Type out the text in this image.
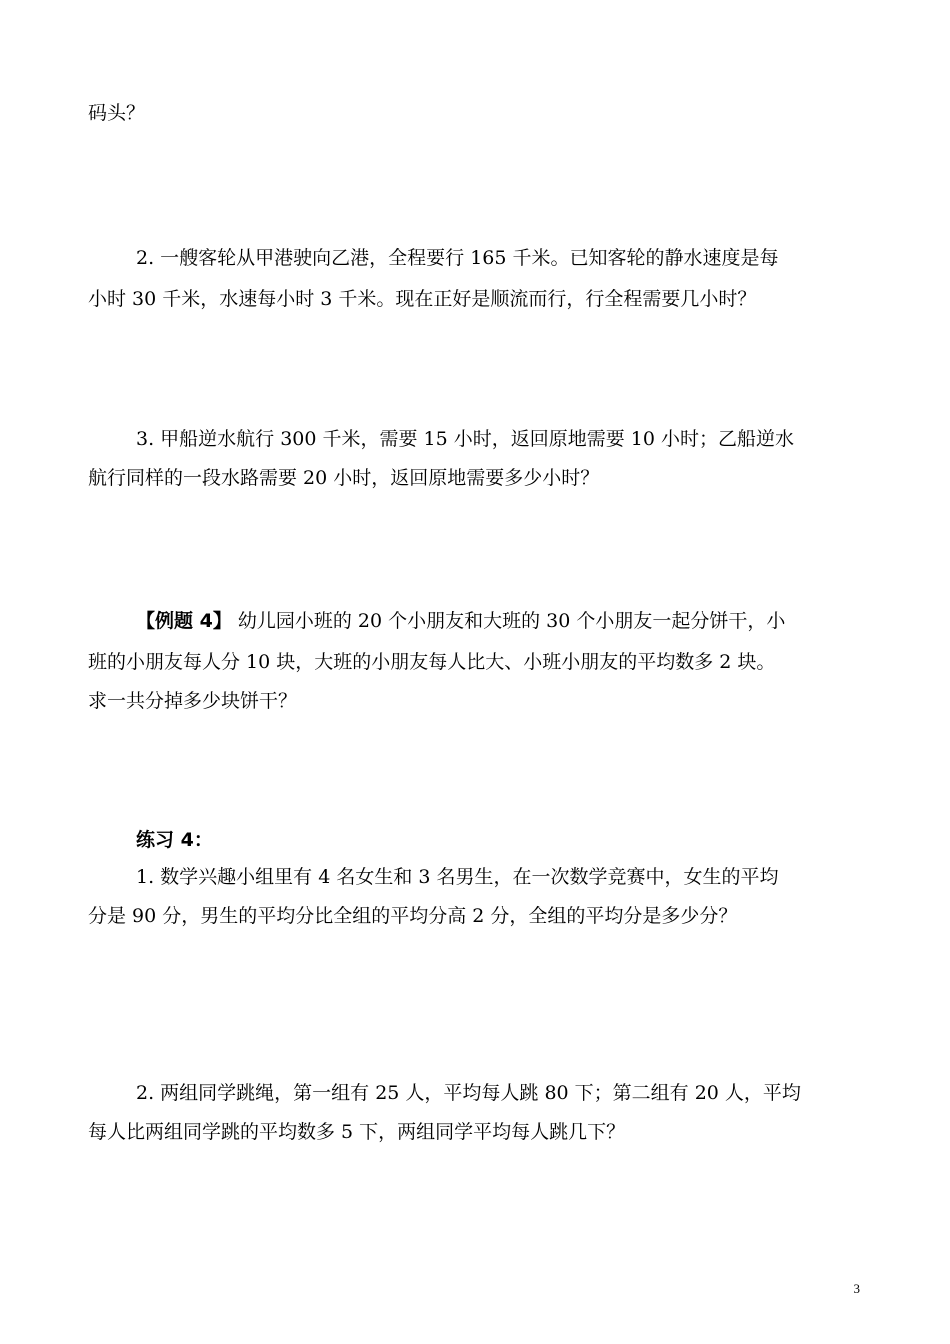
码头？
2. 一艘客轮从甲港驶向乙港，全程要行 165 千米。已知客轮的静水速度是每
小时 30 千米，水速每小时 3 千米。现在正好是顺流而行，行全程需要几小时？
3. 甲船逆水航行 300 千米，需要 15 小时，返回原地需要 10 小时；乙船逆水
航行同样的一段水路需要 20 小时，返回原地需要多少小时？
【例题 4】 幼儿园小班的 20 个小朋友和大班的 30 个小朋友一起分饼干，小
班的小朋友每人分 10 块，大班的小朋友每人比大、小班小朋友的平均数多 2 块。
求一共分掉多少块饼干？
练习 4：
1. 数学兴趣小组里有 4 名女生和 3 名男生，在一次数学竞赛中，女生的平均
分是 90 分，男生的平均分比全组的平均分高 2 分，全组的平均分是多少分？
2. 两组同学跳绳，第一组有 25 人，平均每人跳 80 下；第二组有 20 人，平均
每人比两组同学跳的平均数多 5 下，两组同学平均每人跳几下？
3
